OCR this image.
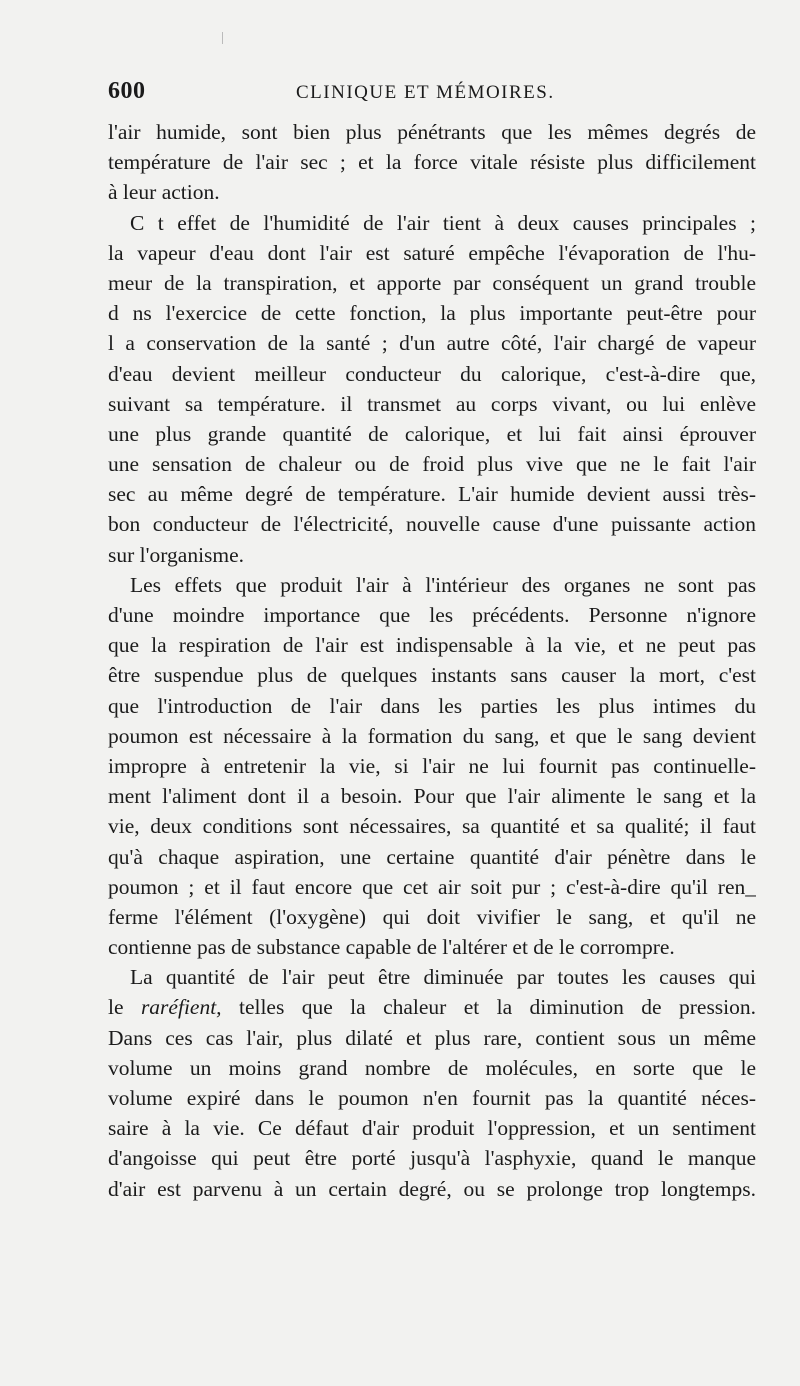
600	CLINIQUE ET MÉMOIRES.
l'air humide, sont bien plus pénétrants que les mêmes degrés de
température de l'air sec ; et la force vitale résiste plus difficilement
à leur action.
C t effet de l'humidité de l'air tient à deux causes principales ;
la vapeur d'eau dont l'air est saturé empêche l'évaporation de l'hu-
meur de la transpiration, et apporte par conséquent un grand trouble
d ns l'exercice de cette fonction, la plus importante peut-être pour
l a conservation de la santé ; d'un autre côté, l'air chargé de vapeur
d'eau devient meilleur conducteur du calorique, c'est-à-dire que,
suivant sa température. il transmet au corps vivant, ou lui enlève
une plus grande quantité de calorique, et lui fait ainsi éprouver
une sensation de chaleur ou de froid plus vive que ne le fait l'air
sec au même degré de température. L'air humide devient aussi très-
bon conducteur de l'électricité, nouvelle cause d'une puissante action
sur l'organisme.
Les effets que produit l'air à l'intérieur des organes ne sont pas
d'une moindre importance que les précédents. Personne n'ignore
que la respiration de l'air est indispensable à la vie, et ne peut pas
être suspendue plus de quelques instants sans causer la mort, c'est
que l'introduction de l'air dans les parties les plus intimes du
poumon est nécessaire à la formation du sang, et que le sang devient
impropre à entretenir la vie, si l'air ne lui fournit pas continuelle-
ment l'aliment dont il a besoin. Pour que l'air alimente le sang et la
vie, deux conditions sont nécessaires, sa quantité et sa qualité; il faut
qu'à chaque aspiration, une certaine quantité d'air pénètre dans le
poumon ; et il faut encore que cet air soit pur ; c'est-à-dire qu'il ren_
ferme l'élément (l'oxygène) qui doit vivifier le sang, et qu'il ne
contienne pas de substance capable de l'altérer et de le corrompre.
La quantité de l'air peut être diminuée par toutes les causes qui
le raréfient, telles que la chaleur et la diminution de pression.
Dans ces cas l'air, plus dilaté et plus rare, contient sous un même
volume un moins grand nombre de molécules, en sorte que le
volume expiré dans le poumon n'en fournit pas la quantité néces-
saire à la vie. Ce défaut d'air produit l'oppression, et un sentiment
d'angoisse qui peut être porté jusqu'à l'asphyxie, quand le manque
d'air est parvenu à un certain degré, ou se prolonge trop longtemps.
